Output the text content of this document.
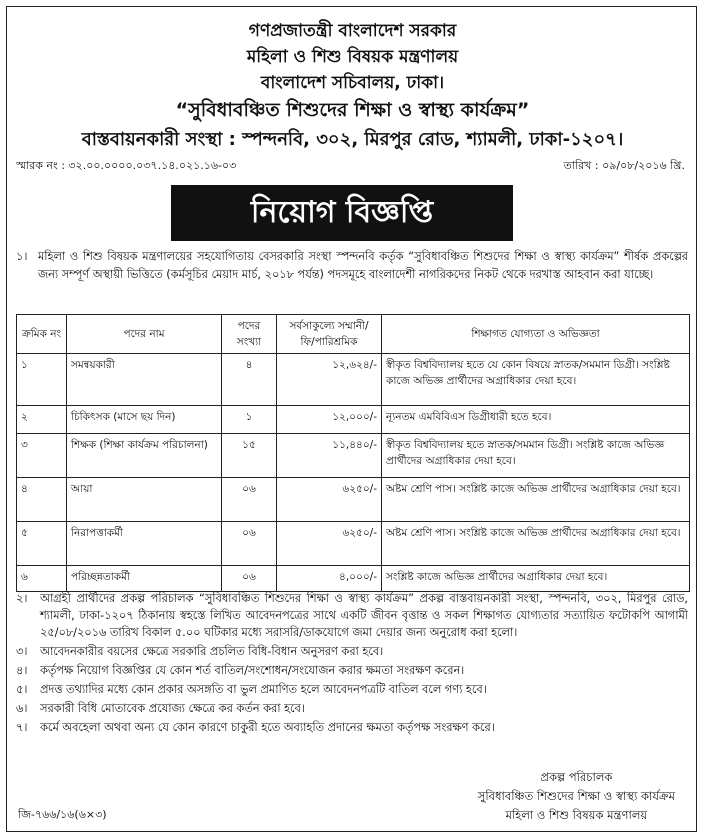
গণপ্রজাতন্ত্রী বাংলাদেশ সরকার
মহিলা ও শিশু বিষয়ক মন্ত্রণালয়
বাংলাদেশ সচিবালয়, ঢাকা।
“সুবিধাবঞ্চিত শিশুদের শিক্ষা ও স্বাস্থ্য কার্যক্রম”
বাস্তবায়নকারী সংস্থা : স্পন্দনবি, ৩০২, মিরপুর রোড, শ্যামলী, ঢাকা-১২০৭।
স্মারক নং : ৩২.০০.০০০০.০৩৭.১৪.০২১.১৬-০৩	তারিখ : ০৯/০৮/২০১৬ খ্রি.
নিয়োগ বিজ্ঞপ্তি
১। মহিলা ও শিশু বিষয়ক মন্ত্রণালয়ের সহযোগিতায় বেসরকারি সংস্থা স্পন্দনবি কর্তৃক “সুবিধাবঞ্চিত শিশুদের শিক্ষা ও স্বাস্থ্য কার্যক্রম” শীর্ষক প্রকল্পের জন্য সম্পূর্ণ অস্থায়ী ভিত্তিতে (কর্মসূচির মেয়াদ মার্চ, ২০১৮ পর্যন্ত) পদসমূহে বাংলাদেশী নাগরিকদের নিকট থেকে দরখাস্ত আহবান করা যাচ্ছে।
ক্রমিক নং	পদের নাম	পদের সংখ্যা	সর্বসাকুল্যে সম্মানী/ ফি/পারিশ্রমিক	শিক্ষাগত যোগ্যতা ও অভিজ্ঞতা
১	সমন্বয়কারী	৪	১২,৬২৪/-	স্বীকৃত বিশ্ববিদ্যালয় হতে যে কোন বিষয়ে স্নাতক/সমমান ডিগ্রী। সংশ্লিষ্ট কাজে অভিজ্ঞ প্রার্থীদের অগ্রাধিকার দেয়া হবে।
২	চিকিৎসক (মাসে ছয় দিন)	১	১২,০০০/-	ন্যূনতম এমবিবিএস ডিগ্রীধারী হতে হবে।
৩	শিক্ষক (শিক্ষা কার্যক্রম পরিচালনা)	১৫	১১,৪৪০/-	স্বীকৃত বিশ্ববিদ্যালয় হতে স্নাতক/সমমান ডিগ্রী। সংশ্লিষ্ট কাজে অভিজ্ঞ প্রার্থীদের অগ্রাধিকার দেয়া হবে।
৪	আয়া	০৬	৬২৫০/-	অষ্টম শ্রেণি পাস। সংশ্লিষ্ট কাজে অভিজ্ঞ প্রার্থীদের অগ্রাধিকার দেয়া হবে।
৫	নিরাপত্তাকর্মী	০৬	৬২৫০/-	অষ্টম শ্রেণি পাস। সংশ্লিষ্ট কাজে অভিজ্ঞ প্রার্থীদের অগ্রাধিকার দেয়া হবে।
৬	পরিচ্ছন্নতাকর্মী	০৬	৪,০০০/-	সংশ্লিষ্ট কাজে অভিজ্ঞ প্রার্থীদের অগ্রাধিকার দেয়া হবে।
২। আগ্রহী প্রার্থীদের প্রকল্প পরিচালক “সুবিধাবঞ্চিত শিশুদের শিক্ষা ও স্বাস্থ্য কার্যক্রম” প্রকল্প বাস্তবায়নকারী সংস্থা, স্পন্দনবি, ৩০২, মিরপুর রোড, শ্যামলী, ঢাকা-১২০৭ ঠিকানায় স্বহস্তে লিখিত আবেদনপত্রের সাথে একটি জীবন বৃত্তান্ত ও সকল শিক্ষাগত যোগ্যতার সত্যায়িত ফটোকপি আগামী ২৫/০৮/২০১৬ তারিখ বিকাল ৫.০০ ঘটিকার মধ্যে সরাসরি/ডাকযোগে জমা দেয়ার জন্য অনুরোধ করা হলো।
৩। আবেদনকারীর বয়সের ক্ষেত্রে সরকারি প্রচলিত বিধি-বিধান অনুসরণ করা হবে।
৪। কর্তৃপক্ষ নিয়োগ বিজ্ঞপ্তির যে কোন শর্ত বাতিল/সংশোধন/সংযোজন করার ক্ষমতা সংরক্ষণ করেন।
৫। প্রদত্ত তথ্যাদির মধ্যে কোন প্রকার অসঙ্গতি বা ভুল প্রমাণিত হলে আবেদনপত্রটি বাতিল বলে গণ্য হবে।
৬। সরকারী বিধি মোতাবেক প্রযোজ্য ক্ষেত্রে কর কর্তন করা হবে।
৭। কর্মে অবহেলা অথবা অন্য যে কোন কারণে চাকুরী হতে অব্যাহতি প্রদানের ক্ষমতা কর্তৃপক্ষ সংরক্ষণ করে।
প্রকল্প পরিচালক
সুবিধাবঞ্চিত শিশুদের শিক্ষা ও স্বাস্থ্য কার্যক্রম
মহিলা ও শিশু বিষয়ক মন্ত্রণালয়
জি-৭৬৬/১৬(৬×৩)
